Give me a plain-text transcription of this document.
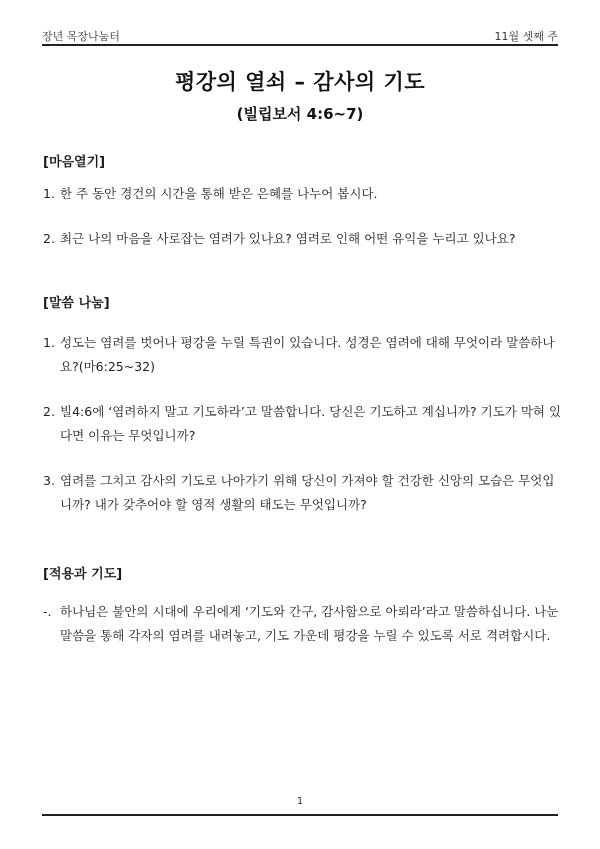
장년 목장나눔터	11월 셋째 주
평강의 열쇠 – 감사의 기도
(빌립보서 4:6~7)
[마음열기]
1. 한 주 동안 경건의 시간을 통해 받은 은혜를 나누어 봅시다.
2. 최근 나의 마음을 사로잡는 염려가 있나요? 염려로 인해 어떤 유익을 누리고 있나요?
[말씀 나눔]
1. 성도는 염려를 벗어나 평강을 누릴 특권이 있습니다. 성경은 염려에 대해 무엇이라 말씀하나요?(마6:25~32)
2. 빌4:6에 ‘염려하지 말고 기도하라’고 말씀합니다. 당신은 기도하고 계십니까? 기도가 막혀 있다면 이유는 무엇입니까?
3. 염려를 그치고 감사의 기도로 나아가기 위해 당신이 가져야 할 건강한 신앙의 모습은 무엇입니까? 내가 갖추어야 할 영적 생활의 태도는 무엇입니까?
[적용과 기도]
-. 하나님은 불안의 시대에 우리에게 ‘기도와 간구, 감사함으로 아뢰라’라고 말씀하십니다. 나눈 말씀을 통해 각자의 염려를 내려놓고, 기도 가운데 평강을 누릴 수 있도록 서로 격려합시다.
1
